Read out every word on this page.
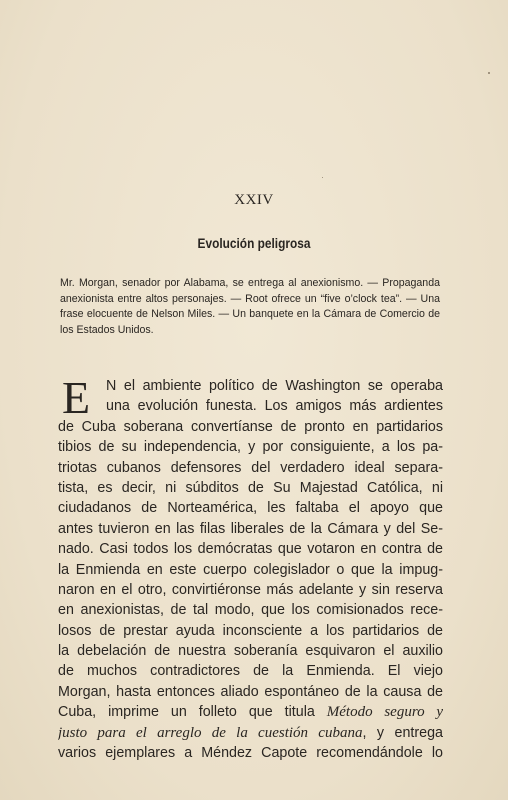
XXIV
Evolución peligrosa
Mr. Morgan, senador por Alabama, se entrega al anexionismo. — Propaganda anexionista entre altos personajes. — Root ofrece un “five o’clock tea”. — Una frase elocuente de Nelson Miles. — Un banquete en la Cámara de Comercio de los Estados Unidos.
E	N el ambiente político de Washington se operaba
una evolución funesta. Los amigos más ardientes
de Cuba soberana convertíanse de pronto en partidarios
tibios de su independencia, y por consiguiente, a los pa-
triotas cubanos defensores del verdadero ideal separa-
tista, es decir, ni súbditos de Su Majestad Católica, ni
ciudadanos de Norteamérica, les faltaba el apoyo que
antes tuvieron en las filas liberales de la Cámara y del Se-
nado. Casi todos los demócratas que votaron en contra de
la Enmienda en este cuerpo colegislador o que la impug-
naron en el otro, convirtiéronse más adelante y sin reserva
en anexionistas, de tal modo, que los comisionados rece-
losos de prestar ayuda inconsciente a los partidarios de
la debelación de nuestra soberanía esquivaron el auxilio
de muchos contradictores de la Enmienda. El viejo
Morgan, hasta entonces aliado espontáneo de la causa de
Cuba, imprime un folleto que titula Método seguro y
justo para el arreglo de la cuestión cubana, y entrega
varios ejemplares a Méndez Capote recomendándole lo
